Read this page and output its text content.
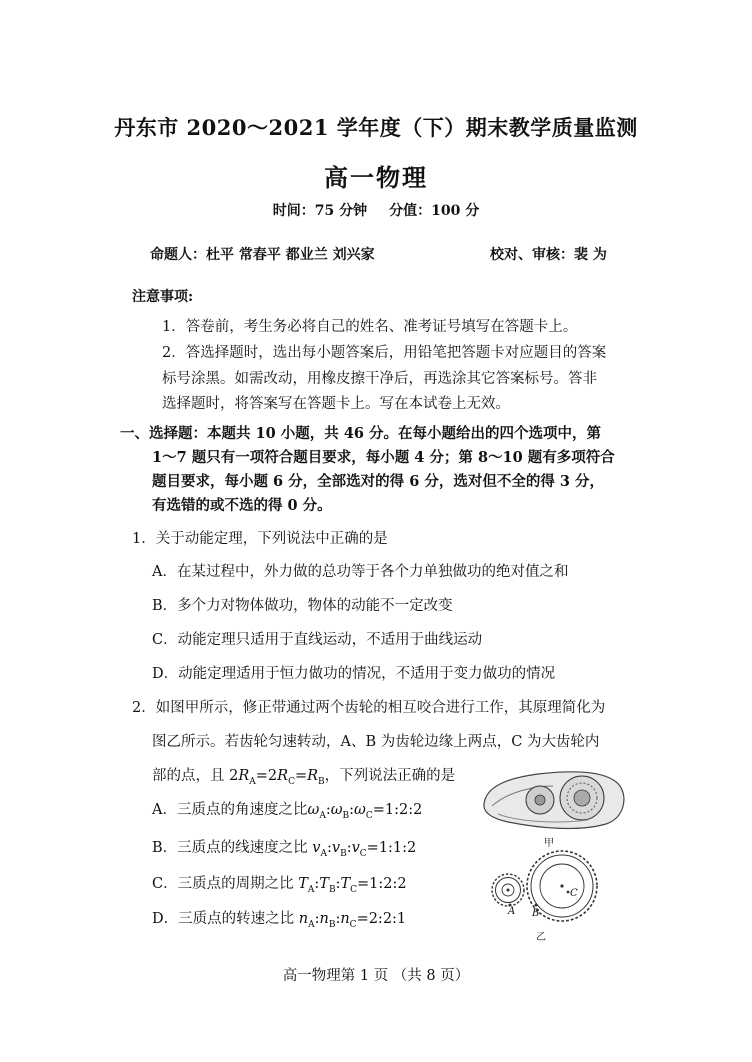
丹东市 2020～2021 学年度（下）期末教学质量监测
高一物理
时间：75 分钟 分值：100 分
命题人：杜平 常春平 都业兰 刘兴家	校对、审核：裴 为
注意事项:
1．答卷前，考生务必将自己的姓名、准考证号填写在答题卡上。
2．答选择题时，选出每小题答案后，用铅笔把答题卡对应题目的答案
标号涂黑。如需改动，用橡皮擦干净后，再选涂其它答案标号。答非
选择题时，将答案写在答题卡上。写在本试卷上无效。
一、选择题：本题共 10 小题，共 46 分。在每小题给出的四个选项中，第
1～7 题只有一项符合题目要求，每小题 4 分；第 8～10 题有多项符合
题目要求，每小题 6 分，全部选对的得 6 分，选对但不全的得 3 分，
有选错的或不选的得 0 分。
1．关于动能定理，下列说法中正确的是
A．在某过程中，外力做的总功等于各个力单独做功的绝对值之和
B．多个力对物体做功，物体的动能不一定改变
C．动能定理只适用于直线运动，不适用于曲线运动
D．动能定理适用于恒力做功的情况，不适用于变力做功的情况
2．如图甲所示，修正带通过两个齿轮的相互咬合进行工作，其原理简化为
图乙所示。若齿轮匀速转动，A、B 为齿轮边缘上两点，C 为大齿轮内
部的点，且 $2R_A=2R_C=R_B$，下列说法正确的是
A．三质点的角速度之比$\omega_A:\omega_B:\omega_C=1:2:2$
B．三质点的线速度之比 $v_A:v_B:v_C=1:1:2$
C．三质点的周期之比 $T_A:T_B:T_C=1:2:2$
D．三质点的转速之比 $n_A:n_B:n_C=2:2:1$
甲
A B
C
乙
高一物理第 1 页 （共 8 页）
